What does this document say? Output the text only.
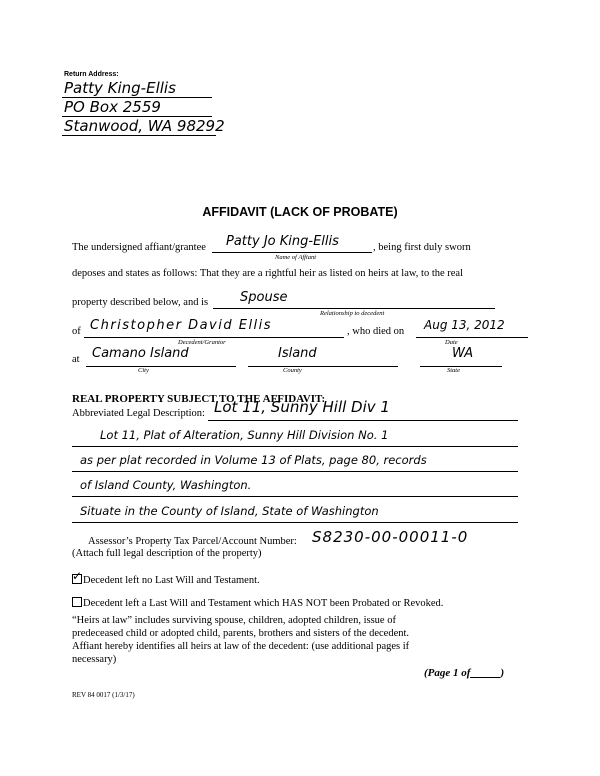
Return Address:
Patty King-Ellis
PO Box 2559
Stanwood, WA 98292
AFFIDAVIT (LACK OF PROBATE)
The undersigned affiant/grantee Patty Jo King-Ellis
Name of Affiant
, being first duly sworn
deposes and states as follows: That they are a rightful heir as listed on heirs at law, to the real
property described below, and is Spouse
Relationship to decedent
of Christopher David Ellis
Decedent/Grantor
, who died on Aug 13, 2012
Date
at Camano Island
City
Island
County
WA
State
REAL PROPERTY SUBJECT TO THE AFFIDAVIT:
Abbreviated Legal Description: Lot 11, Sunny Hill Div 1
Lot 11, Plat of Alteration, Sunny Hill Division No. 1
as per plat recorded in Volume 13 of Plats, page 80, records
of Island County, Washington.
Situate in the County of Island, State of Washington
Assessor’s Property Tax Parcel/Account Number: S8230-00-00011-0
(Attach full legal description of the property)
✓ Decedent left no Last Will and Testament.
Decedent left a Last Will and Testament which HAS NOT been Probated or Revoked.
“Heirs at law” includes surviving spouse, children, adopted children, issue of
predeceased child or adopted child, parents, brothers and sisters of the decedent.
Affiant hereby identifies all heirs at law of the decedent: (use additional pages if
necessary)
(Page 1 of	)
REV 84 0017 (1/3/17)
